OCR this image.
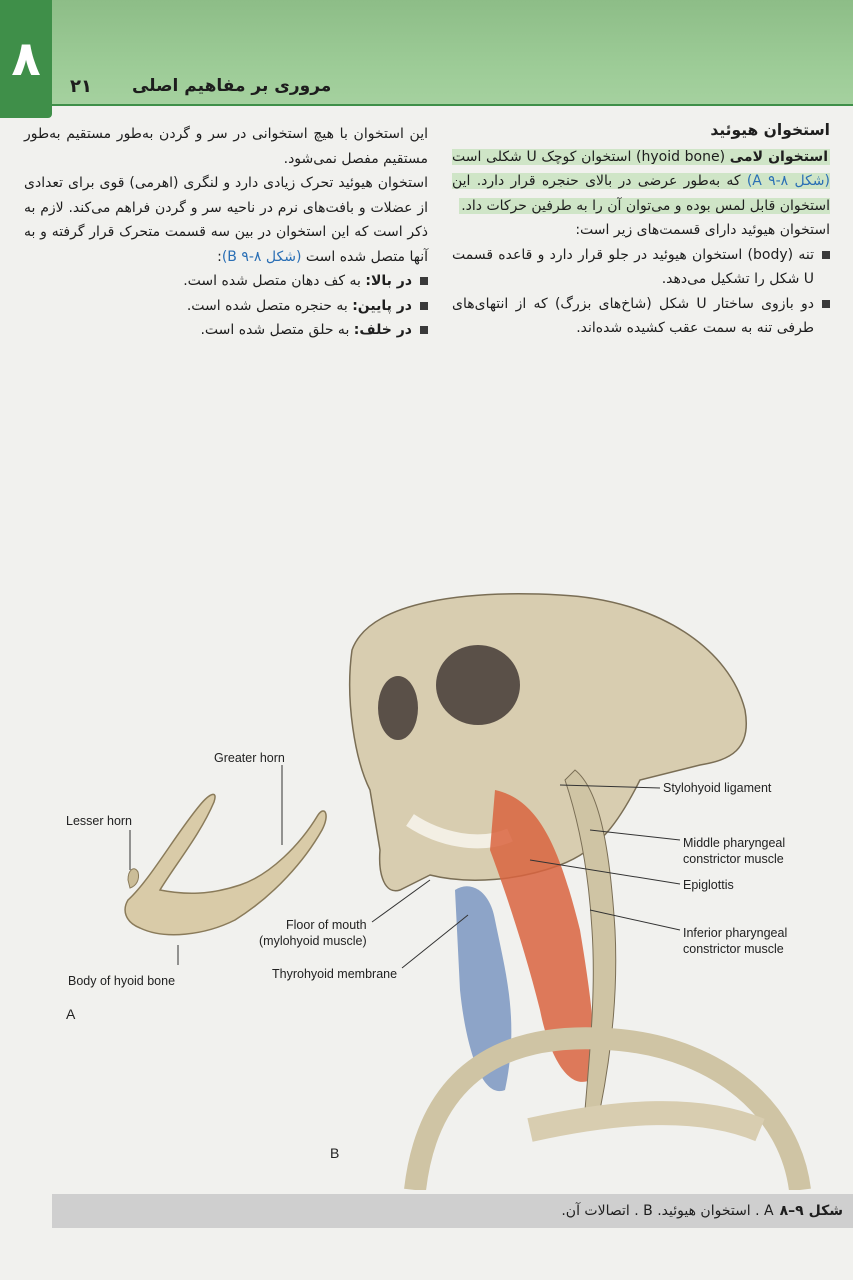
۸	مروری بر مفاهیم اصلی
۲۱
استخوان هیوئید

استخوان لامی (hyoid bone) استخوان کوچک U شکلی است (شکل A ۹-۸) که به‌طور عرضی در بالای حنجره قرار دارد. این استخوان قابل لمس بوده و می‌توان آن را به طرفین حرکات داد.

استخوان هیوئید دارای قسمت‌های زیر است:

تنه (body) استخوان هیوئید در جلو قرار دارد و قاعده قسمت U شکل را تشکیل می‌دهد.
دو بازوی ساختار U شکل (شاخ‌های بزرگ) که از انتهای‌های طرفی تنه به سمت عقب کشیده شده‌اند.

این استخوان با هیچ استخوانی در سر و گردن به‌طور مستقیم به‌طور مستقیم مفصل نمی‌شود.

استخوان هیوئید تحرک زیادی دارد و لنگری (اهرمی) قوی برای تعدادی از عضلات و بافت‌های نرم در ناحیه سر و گردن فراهم می‌کند. لازم به ذکر است که این استخوان در بین سه قسمت متحرک قرار گرفته و به آنها متصل شده است (شکل B ۹-۸):

در بالا: به کف دهان متصل شده است.
در پایین: به حنجره متصل شده است.
در خلف: به حلق متصل شده است.
Greater horn
Lesser horn
Body of hyoid bone
Floor of mouth
(mylohyoid muscle)
Thyrohyoid membrane
Stylohyoid ligament
Middle pharyngeal
constrictor muscle
Epiglottis
Inferior pharyngeal
constrictor muscle
A
B
شکل ۹–۸
A . استخوان هیوئید. B . اتصالات آن.
